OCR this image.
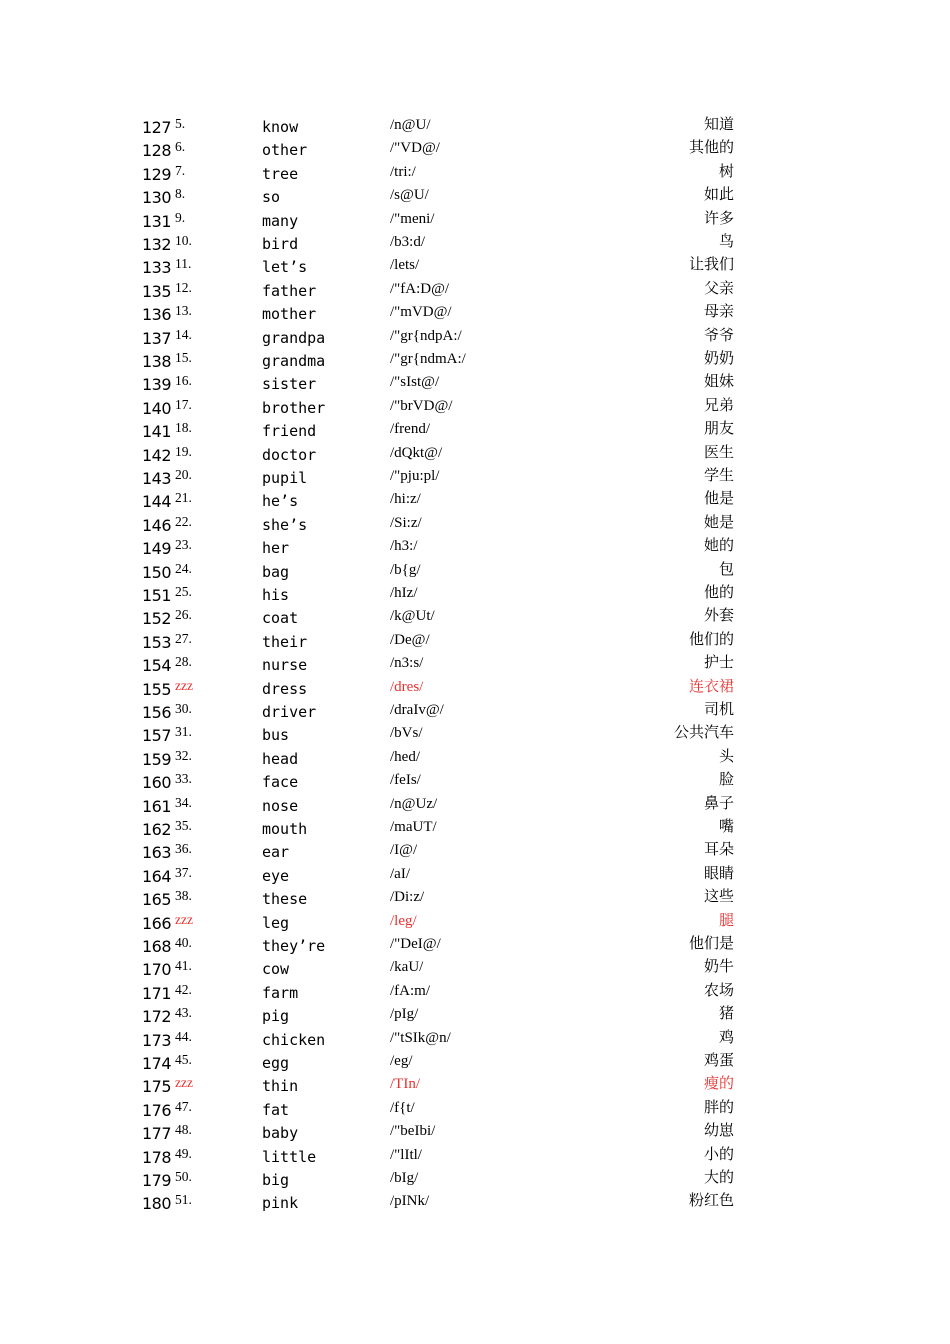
127 5.	know	/n@U/	知道
128 6.	other	/"VD@/	其他的
129 7.	tree	/tri:/	树
130 8.	so	/s@U/	如此
131 9.	many	/"meni/	许多
132 10.	bird	/b3:d/	鸟
133 11.	let’s	/lets/	让我们
135 12.	father	/"fA:D@/	父亲
136 13.	mother	/"mVD@/	母亲
137 14.	grandpa	/"gr{ndpA:/	爷爷
138 15.	grandma	/"gr{ndmA:/	奶奶
139 16.	sister	/"sIst@/	姐妹
140 17.	brother	/"brVD@/	兄弟
141 18.	friend	/frend/	朋友
142 19.	doctor	/dQkt@/	医生
143 20.	pupil	/"pju:pl/	学生
144 21.	he’s	/hi:z/	他是
146 22.	she’s	/Si:z/	她是
149 23.	her	/h3:/	她的
150 24.	bag	/b{g/	包
151 25.	his	/hIz/	他的
152 26.	coat	/k@Ut/	外套
153 27.	their	/De@/	他们的
154 28.	nurse	/n3:s/	护士
155 zzz	dress	/dres/	连衣裙
156 30.	driver	/draIv@/	司机
157 31.	bus	/bVs/	公共汽车
159 32.	head	/hed/	头
160 33.	face	/feIs/	脸
161 34.	nose	/n@Uz/	鼻子
162 35.	mouth	/maUT/	嘴
163 36.	ear	/I@/	耳朵
164 37.	eye	/aI/	眼睛
165 38.	these	/Di:z/	这些
166 zzz	leg	/leg/	腿
168 40.	they’re	/"DeI@/	他们是
170 41.	cow	/kaU/	奶牛
171 42.	farm	/fA:m/	农场
172 43.	pig	/pIg/	猪
173 44.	chicken	/"tSIk@n/	鸡
174 45.	egg	/eg/	鸡蛋
175 zzz	thin	/TIn/	瘦的
176 47.	fat	/f{t/	胖的
177 48.	baby	/"beIbi/	幼崽
178 49.	little	/"lItl/	小的
179 50.	big	/bIg/	大的
180 51.	pink	/pINk/	粉红色
